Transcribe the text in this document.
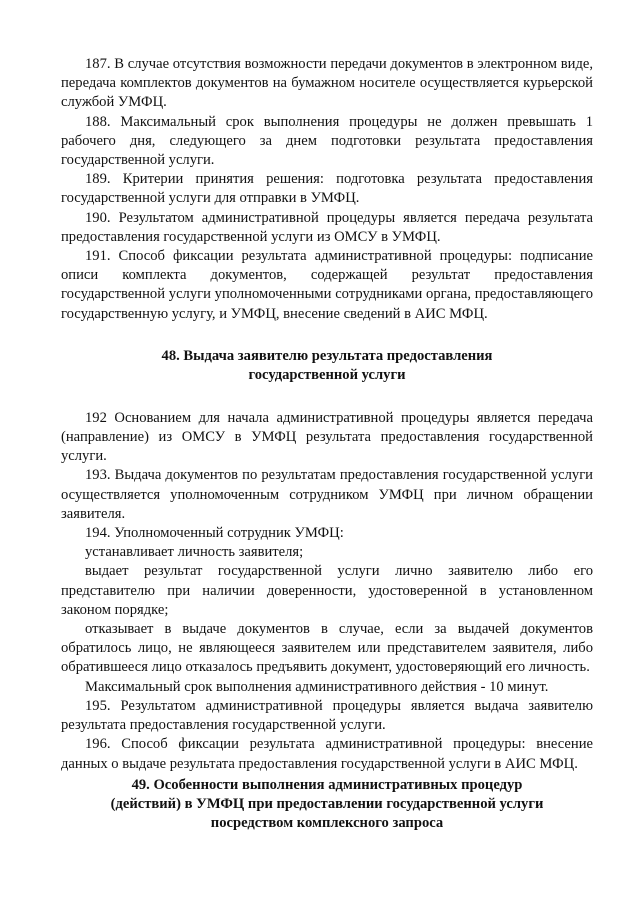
187. В случае отсутствия возможности передачи документов в электронном виде, передача комплектов документов на бумажном носителе осуществляется курьерской службой УМФЦ.

188. Максимальный срок выполнения процедуры не должен превышать 1 рабочего дня, следующего за днем подготовки результата предоставления государственной услуги.

189. Критерии принятия решения: подготовка результата предоставления государственной услуги для отправки в УМФЦ.

190. Результатом административной процедуры является передача результата предоставления государственной услуги из ОМСУ в УМФЦ.

191. Способ фиксации результата административной процедуры: подписание описи комплекта документов, содержащей результат предоставления государственной услуги уполномоченными сотрудниками органа, предоставляющего государственную услугу, и УМФЦ, внесение сведений в АИС МФЦ.

48. Выдача заявителю результата предоставления
государственной услуги

192 Основанием для начала административной процедуры является передача (направление) из ОМСУ в УМФЦ результата предоставления государственной услуги.

193. Выдача документов по результатам предоставления государственной услуги осуществляется уполномоченным сотрудником УМФЦ при личном обращении заявителя.

194. Уполномоченный сотрудник УМФЦ:

устанавливает личность заявителя;

выдает результат государственной услуги лично заявителю либо его представителю при наличии доверенности, удостоверенной в установленном законом порядке;

отказывает в выдаче документов в случае, если за выдачей документов обратилось лицо, не являющееся заявителем или представителем заявителя, либо обратившееся лицо отказалось предъявить документ, удостоверяющий его личность.

Максимальный срок выполнения административного действия - 10 минут.

195. Результатом административной процедуры является выдача заявителю результата предоставления государственной услуги.

196. Способ фиксации результата административной процедуры: внесение данных о выдаче результата предоставления государственной услуги в АИС МФЦ.

49. Особенности выполнения административных процедур
(действий) в УМФЦ при предоставлении государственной услуги
посредством комплексного запроса
